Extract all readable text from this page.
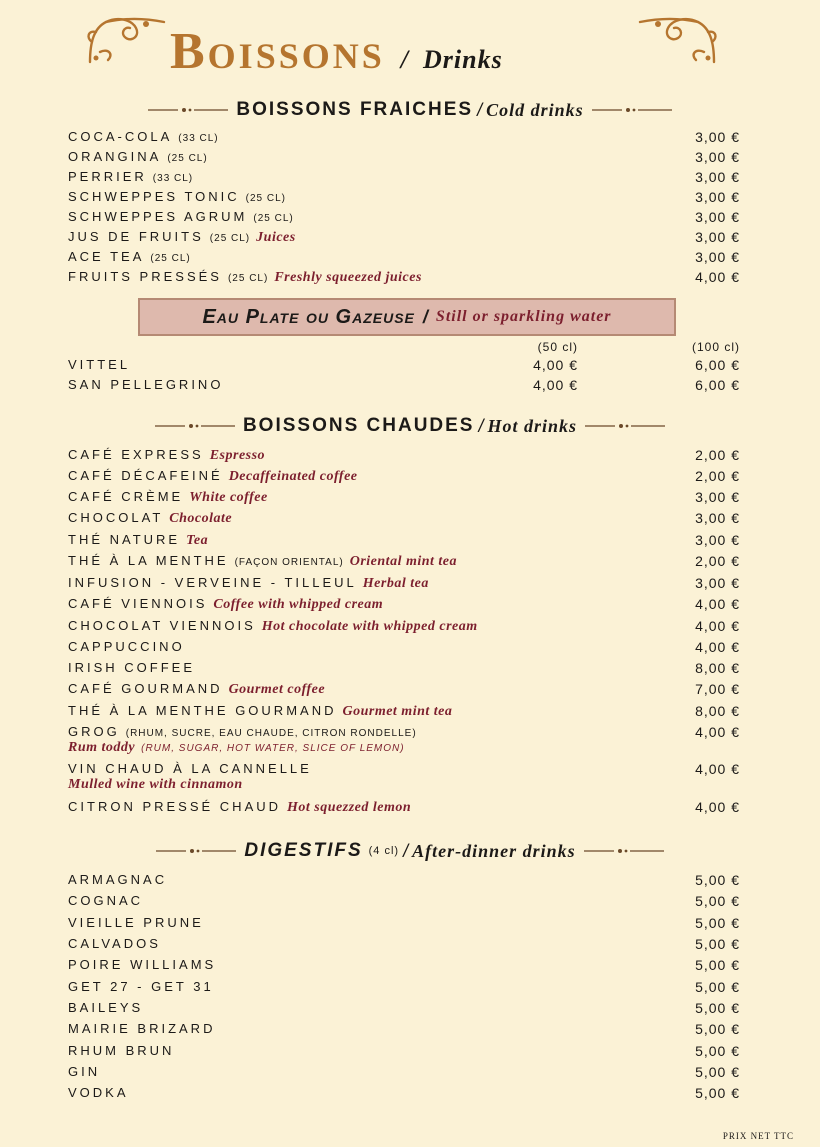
Boissons / Drinks
BOISSONS FRAICHES / Cold drinks
COCA-COLA (33 CL)	3,00 €
ORANGINA (25 CL)	3,00 €
PERRIER (33 CL)	3,00 €
SCHWEPPES TONIC (25 CL)	3,00 €
SCHWEPPES AGRUM (25 CL)	3,00 €
JUS DE FRUITS (25 CL) Juices	3,00 €
ACE TEA (25 CL)	3,00 €
FRUITS PRESSÉS (25 CL) Freshly squeezed juices	4,00 €
Eau Plate ou Gazeuse / Still or sparkling water
(50 cl)	(100 cl)
VITTEL	4,00 €	6,00 €
SAN PELLEGRINO	4,00 €	6,00 €
BOISSONS CHAUDES / Hot drinks
CAFÉ EXPRESS Espresso	2,00 €
CAFÉ DÉCAFEINÉ Decaffeinated coffee	2,00 €
CAFÉ CRÈME White coffee	3,00 €
CHOCOLAT Chocolate	3,00 €
THÉ NATURE Tea	3,00 €
THÉ À LA MENTHE (FAÇON ORIENTAL) Oriental mint tea	2,00 €
INFUSION - VERVEINE - TILLEUL Herbal tea	3,00 €
CAFÉ VIENNOIS Coffee with whipped cream	4,00 €
CHOCOLAT VIENNOIS Hot chocolate with whipped cream	4,00 €
CAPPUCCINO	4,00 €
IRISH COFFEE	8,00 €
CAFÉ GOURMAND Gourmet coffee	7,00 €
THÉ À LA MENTHE GOURMAND Gourmet mint tea	8,00 €
GROG (RHUM, SUCRE, EAU CHAUDE, CITRON RONDELLE)	4,00 €
Rum toddy (RUM, SUGAR, HOT WATER, SLICE OF LEMON)
VIN CHAUD À LA CANNELLE	4,00 €
Mulled wine with cinnamon
CITRON PRESSÉ CHAUD Hot squezzed lemon	4,00 €
DIGESTIFS (4 cl) / After-dinner drinks
ARMAGNAC	5,00 €
COGNAC	5,00 €
VIEILLE PRUNE	5,00 €
CALVADOS	5,00 €
POIRE WILLIAMS	5,00 €
GET 27 - GET 31	5,00 €
BAILEYS	5,00 €
MAIRIE BRIZARD	5,00 €
RHUM BRUN	5,00 €
GIN	5,00 €
VODKA	5,00 €
PRIX NET TTC
